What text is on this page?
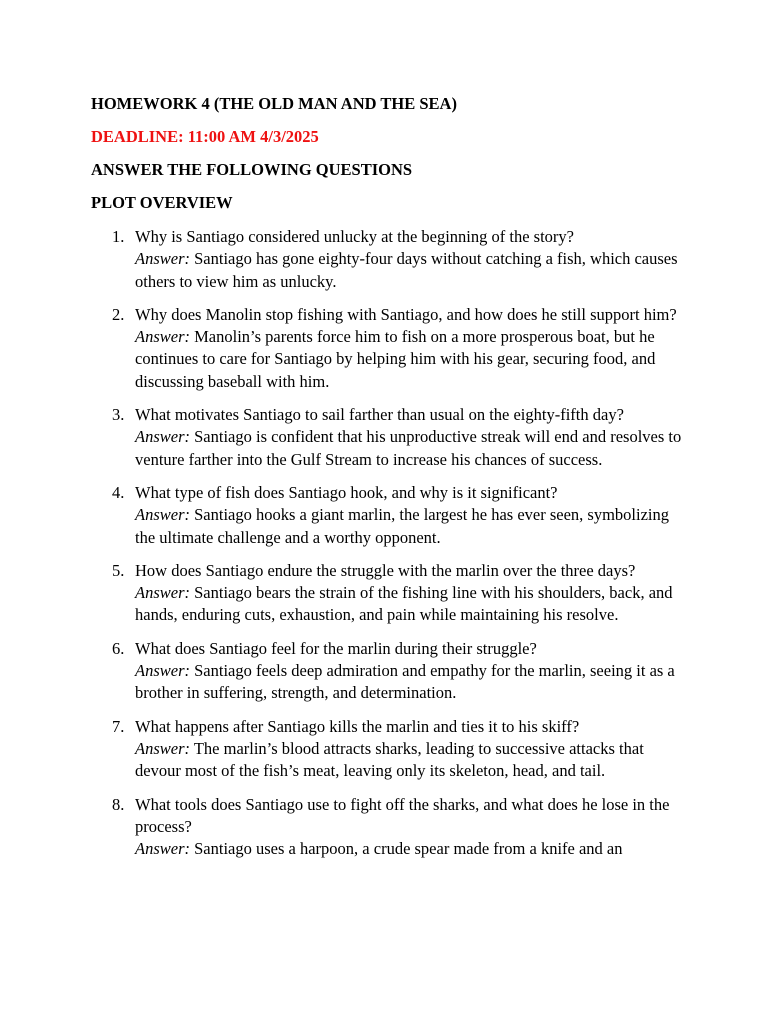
HOMEWORK 4 (THE OLD MAN AND THE SEA)
DEADLINE: 11:00 AM 4/3/2025
ANSWER THE FOLLOWING QUESTIONS
PLOT OVERVIEW
1. Why is Santiago considered unlucky at the beginning of the story?
Answer: Santiago has gone eighty-four days without catching a fish, which causes others to view him as unlucky.
2. Why does Manolin stop fishing with Santiago, and how does he still support him?
Answer: Manolin’s parents force him to fish on a more prosperous boat, but he continues to care for Santiago by helping him with his gear, securing food, and discussing baseball with him.
3. What motivates Santiago to sail farther than usual on the eighty-fifth day?
Answer: Santiago is confident that his unproductive streak will end and resolves to venture farther into the Gulf Stream to increase his chances of success.
4. What type of fish does Santiago hook, and why is it significant?
Answer: Santiago hooks a giant marlin, the largest he has ever seen, symbolizing the ultimate challenge and a worthy opponent.
5. How does Santiago endure the struggle with the marlin over the three days?
Answer: Santiago bears the strain of the fishing line with his shoulders, back, and hands, enduring cuts, exhaustion, and pain while maintaining his resolve.
6. What does Santiago feel for the marlin during their struggle?
Answer: Santiago feels deep admiration and empathy for the marlin, seeing it as a brother in suffering, strength, and determination.
7. What happens after Santiago kills the marlin and ties it to his skiff?
Answer: The marlin’s blood attracts sharks, leading to successive attacks that devour most of the fish’s meat, leaving only its skeleton, head, and tail.
8. What tools does Santiago use to fight off the sharks, and what does he lose in the process?
Answer: Santiago uses a harpoon, a crude spear made from a knife and an
